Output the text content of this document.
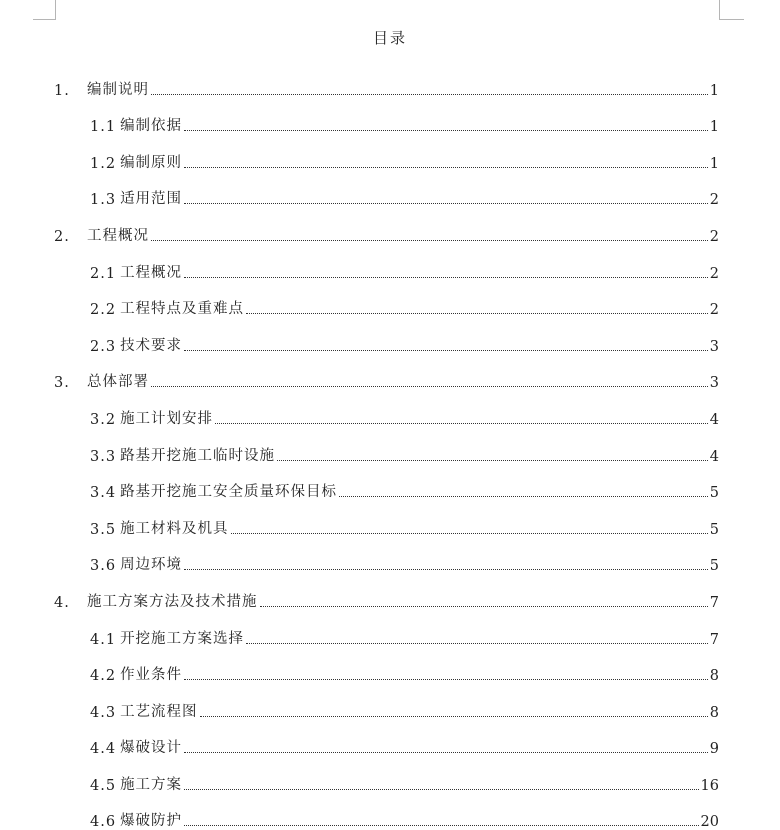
目录
1.	编制说明	1
1.1 编制依据	1
1.2 编制原则	1
1.3 适用范围	2
2.	工程概况	2
2.1 工程概况	2
2.2 工程特点及重难点	2
2.3 技术要求	3
3.	总体部署	3
3.2 施工计划安排	4
3.3 路基开挖施工临时设施	4
3.4 路基开挖施工安全质量环保目标	5
3.5 施工材料及机具	5
3.6 周边环境	5
4.	施工方案方法及技术措施	7
4.1 开挖施工方案选择	7
4.2 作业条件	8
4.3 工艺流程图	8
4.4 爆破设计	9
4.5 施工方案	16
4.6 爆破防护	20
